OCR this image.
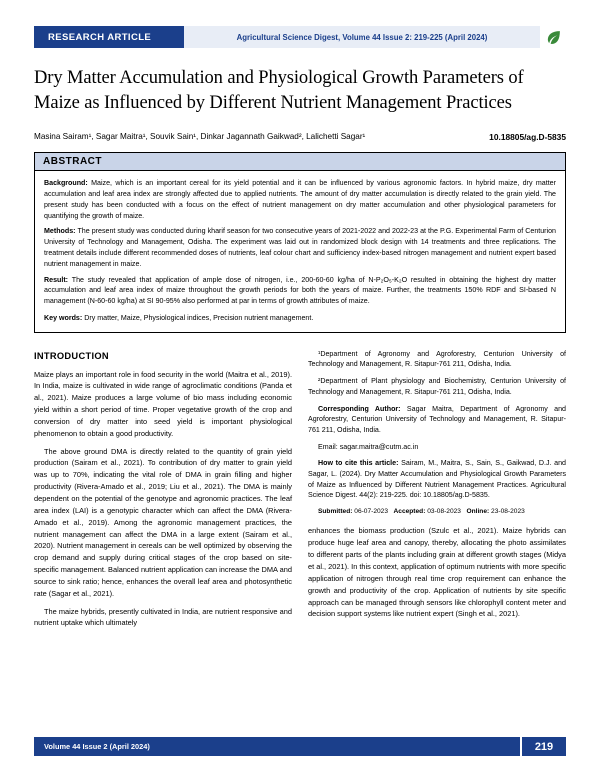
RESEARCH ARTICLE	Agricultural Science Digest, Volume 44 Issue 2: 219-225 (April 2024)
Dry Matter Accumulation and Physiological Growth Parameters of Maize as Influenced by Different Nutrient Management Practices
Masina Sairam¹, Sagar Maitra¹, Souvik Sain¹, Dinkar Jagannath Gaikwad², Lalichetti Sagar¹	10.18805/ag.D-5835
ABSTRACT

Background: Maize, which is an important cereal for its yield potential and it can be influenced by various agronomic factors. In hybrid maize, dry matter accumulation and leaf area index are strongly affected due to applied nutrients. The amount of dry matter accumulation is directly related to the grain yield. The present study has been conducted with a focus on the effect of nutrient management on dry matter accumulation and other physiological parameters for quantifying the growth of maize.

Methods: The present study was conducted during kharif season for two consecutive years of 2021-2022 and 2022-23 at the P.G. Experimental Farm of Centurion University of Technology and Management, Odisha. The experiment was laid out in randomized block design with 14 treatments and three replications. The treatment details include different recommended doses of nutrients, leaf colour chart and sufficiency index-based nitrogen management and nutrient expert based nutrient management in maize.

Result: The study revealed that application of ample dose of nitrogen, i.e., 200-60-60 kg/ha of N-P₂O₅-K₂O resulted in obtaining the highest dry matter accumulation and leaf area index of maize throughout the growth periods for both the years of maize. Further, the treatments 150% RDF and SI-based N management (N-60-60 kg/ha) at SI 90-95% also performed at par in terms of growth attributes of maize.

Key words: Dry matter, Maize, Physiological indices, Precision nutrient management.

INTRODUCTION

Maize plays an important role in food security in the world (Maitra et al., 2019). In India, maize is cultivated in wide range of agroclimatic conditions (Panda et al., 2021). Maize produces a large volume of bio mass including economic yield within a short period of time. Proper vegetative growth of the crop and conversion of dry matter into seed yield is important physiological phenomenon to obtain a good productivity.

The above ground DMA is directly related to the quantity of grain yield production (Sairam et al., 2021). To contribution of dry matter to grain yield was up to 70%, indicating the vital role of DMA in grain filling and higher productivity (Rivera-Amado et al., 2019; Liu et al., 2021). The DMA is mainly dependent on the potential of the genotype and agronomic practices. The leaf area index (LAI) is a genotypic character which can affect the DMA (Rivera-Amado et al., 2019). Among the agronomic management practices, the nutrient management can affect the DMA in a large extent (Sairam et al., 2020). Nutrient management in cereals can be well optimized by observing the crop demand and supply during critical stages of the crop based on site-specific management. Balanced nutrient application can increase the DMA and source to sink ratio; hence, enhances the overall leaf area and photosynthetic rate (Sagar et al., 2021).

The maize hybrids, presently cultivated in India, are nutrient responsive and nutrient uptake which ultimately

¹Department of Agronomy and Agroforestry, Centurion University of Technology and Management, R. Sitapur-761 211, Odisha, India.

²Department of Plant physiology and Biochemistry, Centurion University of Technology and Management, R. Sitapur-761 211, Odisha, India.

Corresponding Author: Sagar Maitra, Department of Agronomy and Agroforestry, Centurion University of Technology and Management, R. Sitapur-761 211, Odisha, India.

Email: sagar.maitra@cutm.ac.in

How to cite this article: Sairam, M., Maitra, S., Sain, S., Gaikwad, D.J. and Sagar, L. (2024). Dry Matter Accumulation and Physiological Growth Parameters of Maize as Influenced by Different Nutrient Management Practices. Agricultural Science Digest. 44(2): 219-225. doi: 10.18805/ag.D-5835.

Submitted: 06-07-2023 Accepted: 03-08-2023 Online: 23-08-2023

enhances the biomass production (Szulc et al., 2021). Maize hybrids can produce huge leaf area and canopy, thereby, allocating the photo assimilates to different parts of the plants including grain at different growth stages (Midya et al., 2021). In this context, application of optimum nutrients with more specific application of nitrogen through real time crop requirement can enhance the growth and productivity of the crop. Application of nutrients by site specific approach can be managed through sensors like chlorophyll content meter and decision support systems like nutrient expert (Singh et al., 2021).

Volume 44 Issue 2 (April 2024)	219
